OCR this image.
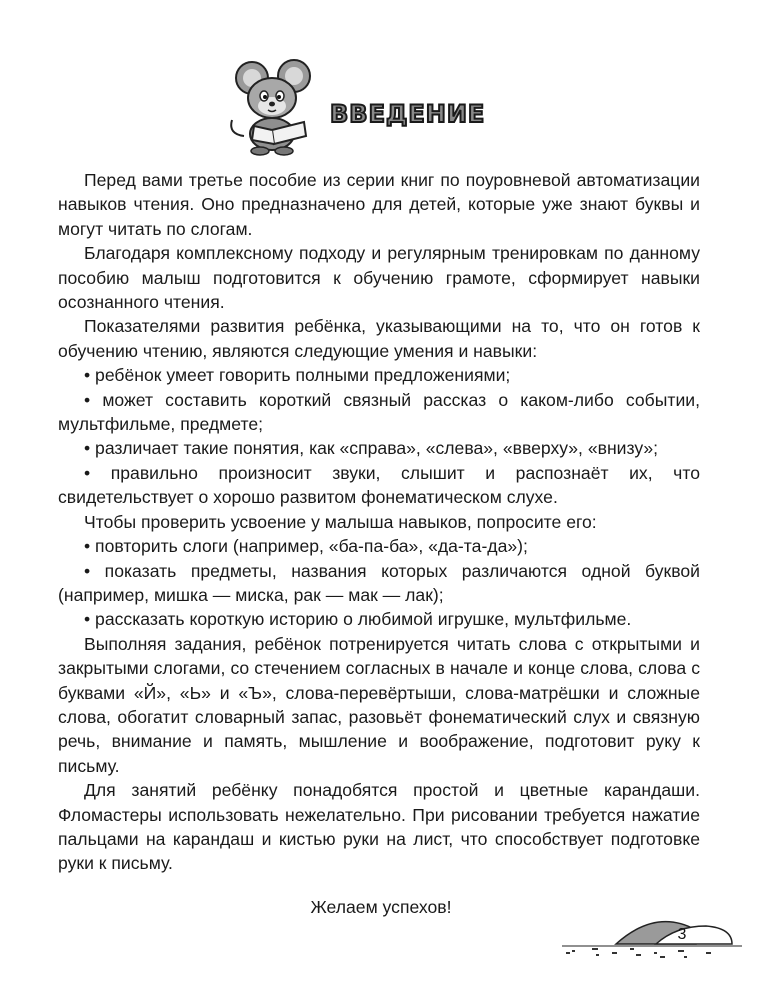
введение

Перед вами третье пособие из серии книг по поуровневой автоматизации навыков чтения. Оно предназначено для детей, которые уже знают буквы и могут читать по слогам.

Благодаря комплексному подходу и регулярным тренировкам по данному пособию малыш подготовится к обучению грамоте, сформирует навыки осознанного чтения.

Показателями развития ребёнка, указывающими на то, что он готов к обучению чтению, являются следующие умения и навыки:

• ребёнок умеет говорить полными предложениями;

• может составить короткий связный рассказ о каком-либо событии, мультфильме, предмете;

• различает такие понятия, как «справа», «слева», «вверху», «внизу»;

• правильно произносит звуки, слышит и распознаёт их, что свидетельствует о хорошо развитом фонематическом слухе.

Чтобы проверить усвоение у малыша навыков, попросите его:

• повторить слоги (например, «ба-па-ба», «да-та-да»);

• показать предметы, названия которых различаются одной буквой (например, мишка — миска, рак — мак — лак);

• рассказать короткую историю о любимой игрушке, мультфильме.

Выполняя задания, ребёнок потренируется читать слова с открытыми и закрытыми слогами, со стечением согласных в начале и конце слова, слова с буквами «Й», «Ь» и «Ъ», слова-перевёртыши, слова-матрёшки и сложные слова, обогатит словарный запас, разовьёт фонематический слух и связную речь, внимание и память, мышление и воображение, подготовит руку к письму.

Для занятий ребёнку понадобятся простой и цветные карандаши. Фломастеры использовать нежелательно. При рисовании требуется нажатие пальцами на карандаш и кистью руки на лист, что способствует подготовке руки к письму.

Желаем успехов!
3
